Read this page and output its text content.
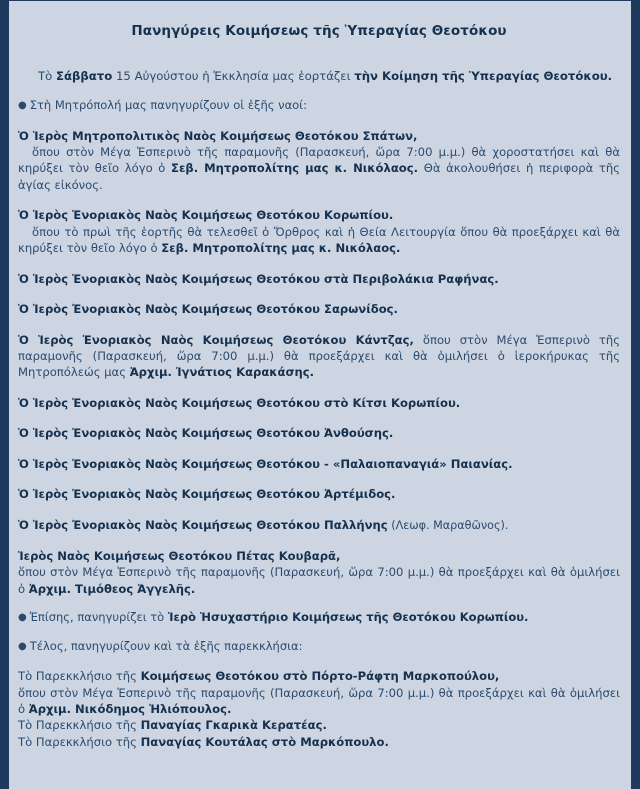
Πανηγύρεις Κοιμήσεως τῆς Ὑπεραγίας Θεοτόκου

Τὸ Σάββατο 15 Αὐγούστου ἡ Ἐκκλησία μας ἑορτάζει τὴν Κοίμηση τῆς Ὑπεραγίας Θεοτόκου.

● Στὴ Μητρόπολή μας πανηγυρίζουν οἱ ἑξῆς ναοί:

Ὁ Ἱερὸς Μητροπολιτικὸς Ναὸς Κοιμήσεως Θεοτόκου Σπάτων,
ὅπου στὸν Μέγα Ἑσπερινὸ τῆς παραμονῆς (Παρασκευή, ὥρα 7:00 μ.μ.) θὰ χοροστατήσει καὶ θὰ κηρύξει τὸν θεῖο λόγο ὁ Σεβ. Μητροπολίτης μας κ. Νικόλαος. Θὰ ἀκολουθήσει ἡ περιφορὰ τῆς ἁγίας εἰκόνος.
Ὁ Ἱερὸς Ἐνοριακὸς Ναὸς Κοιμήσεως Θεοτόκου Κορωπίου.
ὅπου τὸ πρωὶ τῆς ἑορτῆς θὰ τελεσθεῖ ὁ Ὄρθρος καὶ ἡ Θεία Λειτουργία ὅπου θὰ προεξάρχει καὶ θὰ κηρύξει τὸν θεῖο λόγο ὁ Σεβ. Μητροπολίτης μας κ. Νικόλαος.
Ὁ Ἱερὸς Ἐνοριακὸς Ναὸς Κοιμήσεως Θεοτόκου στὰ Περιβολάκια Ραφήνας.
Ὁ Ἱερὸς Ἐνοριακὸς Ναὸς Κοιμήσεως Θεοτόκου Σαρωνίδος.
Ὁ Ἱερὸς Ἐνοριακὸς Ναὸς Κοιμήσεως Θεοτόκου Κάντζας, ὅπου στὸν Μέγα Ἑσπερινὸ τῆς παραμονῆς (Παρασκευή, ὥρα 7:00 μ.μ.) θὰ προεξάρχει καὶ θὰ ὁμιλήσει ὁ ἱεροκήρυκας τῆς Μητροπόλεώς μας Ἀρχιμ. Ἰγνάτιος Καρακάσης.
Ὁ Ἱερὸς Ἐνοριακὸς Ναὸς Κοιμήσεως Θεοτόκου στὸ Κίτσι Κορωπίου.
Ὁ Ἱερὸς Ἐνοριακὸς Ναὸς Κοιμήσεως Θεοτόκου Ἀνθούσης.
Ὁ Ἱερὸς Ἐνοριακὸς Ναὸς Κοιμήσεως Θεοτόκου - «Παλαιοπαναγιά» Παιανίας.
Ὁ Ἱερὸς Ἐνοριακὸς Ναὸς Κοιμήσεως Θεοτόκου Ἀρτέμιδος.
Ὁ Ἱερὸς Ἐνοριακὸς Ναὸς Κοιμήσεως Θεοτόκου Παλλήνης (Λεωφ. Μαραθῶνος).
Ἱερὸς Ναὸς Κοιμήσεως Θεοτόκου Πέτας Κουβαρᾶ,
ὅπου στὸν Μέγα Ἑσπερινὸ τῆς παραμονῆς (Παρασκευή, ὥρα 7:00 μ.μ.) θὰ προεξάρχει καὶ θὰ ὁμιλήσει ὁ Ἀρχιμ. Τιμόθεος Ἀγγελῆς.

● Ἐπίσης, πανηγυρίζει τὸ Ἱερὸ Ἡσυχαστήριο Κοιμήσεως τῆς Θεοτόκου Κορωπίου.

● Τέλος, πανηγυρίζουν καὶ τὰ ἑξῆς παρεκκλήσια:

Τὸ Παρεκκλήσιο τῆς Κοιμήσεως Θεοτόκου στὸ Πόρτο-Ράφτη Μαρκοπούλου,
ὅπου στὸν Μέγα Ἑσπερινὸ τῆς παραμονῆς (Παρασκευή, ὥρα 7:00 μ.μ.) θὰ προεξάρχει καὶ θὰ ὁμιλήσει ὁ Ἀρχιμ. Νικόδημος Ἠλιόπουλος.
Τὸ Παρεκκλήσιο τῆς Παναγίας Γκαρικὰ Κερατέας.
Τὸ Παρεκκλήσιο τῆς Παναγίας Κουτάλας στὸ Μαρκόπουλο.
